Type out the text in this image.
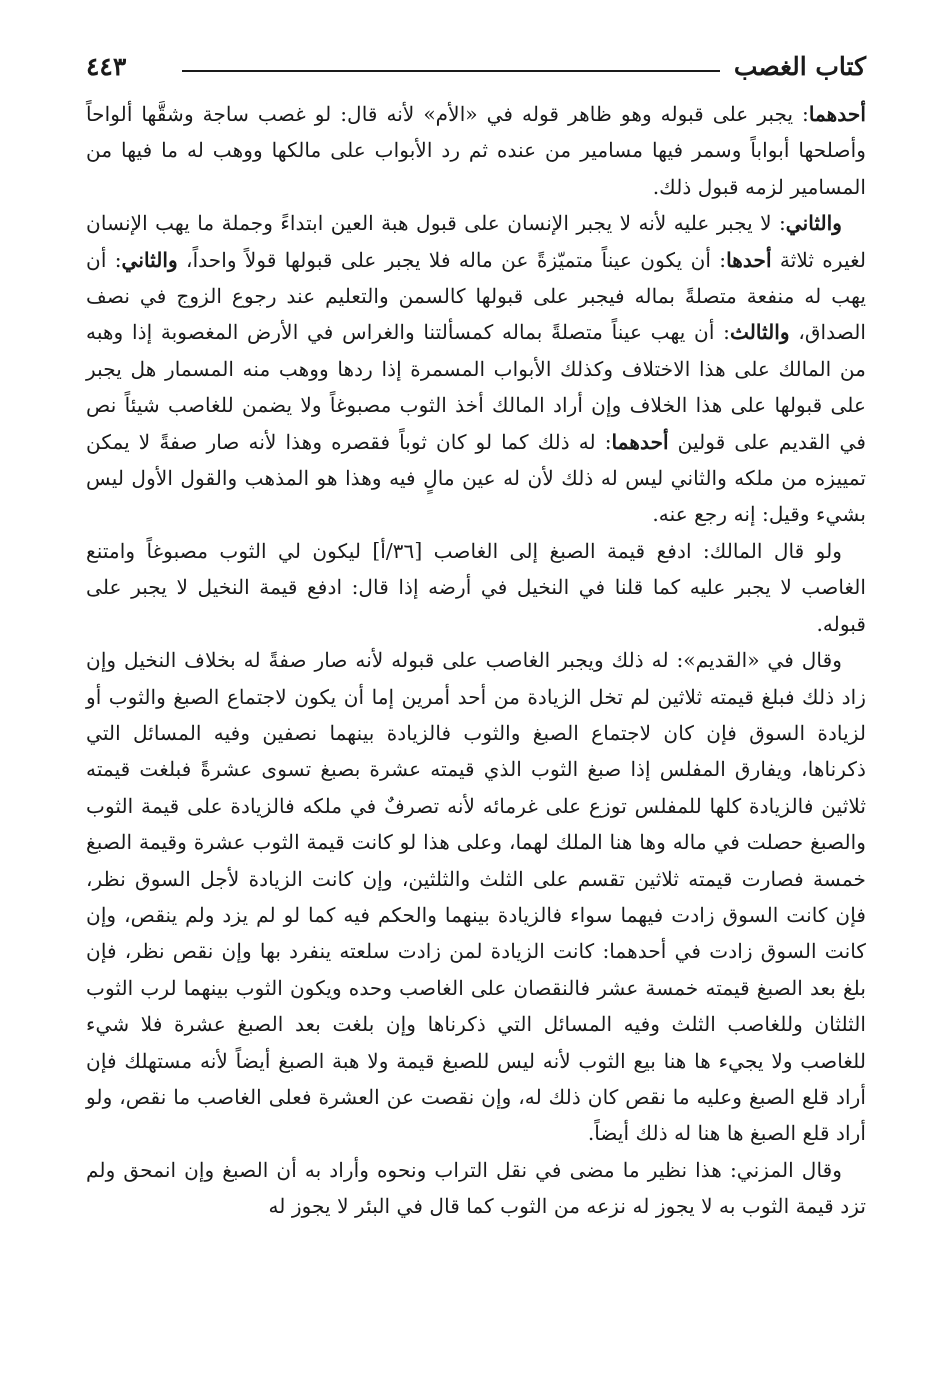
كتاب الغصب
٤٤٣

أحدهما: يجبر على قبوله وهو ظاهر قوله في «الأم» لأنه قال: لو غصب ساجة وشقَّها ألواحاً وأصلحها أبواباً وسمر فيها مسامير من عنده ثم رد الأبواب على مالكها ووهب له ما فيها من المسامير لزمه قبول ذلك.

والثاني: لا يجبر عليه لأنه لا يجبر الإنسان على قبول هبة العين ابتداءً وجملة ما يهب الإنسان لغيره ثلاثة أحدها: أن يكون عيناً متميّزةً عن ماله فلا يجبر على قبولها قولاً واحداً، والثاني: أن يهب له منفعة متصلةً بماله فيجبر على قبولها كالسمن والتعليم عند رجوع الزوج في نصف الصداق، والثالث: أن يهب عيناً متصلةً بماله كمسألتنا والغراس في الأرض المغصوبة إذا وهبه من المالك على هذا الاختلاف وكذلك الأبواب المسمرة إذا ردها ووهب منه المسمار هل يجبر على قبولها على هذا الخلاف وإن أراد المالك أخذ الثوب مصبوغاً ولا يضمن للغاصب شيئاً نص في القديم على قولين أحدهما: له ذلك كما لو كان ثوباً فقصره وهذا لأنه صار صفةً لا يمكن تمييزه من ملكه والثاني ليس له ذلك لأن له عين مالٍ فيه وهذا هو المذهب والقول الأول ليس بشيء وقيل: إنه رجع عنه.

ولو قال المالك: ادفع قيمة الصبغ إلى الغاصب [٣٦/أ] ليكون لي الثوب مصبوغاً وامتنع الغاصب لا يجبر عليه كما قلنا في النخيل في أرضه إذا قال: ادفع قيمة النخيل لا يجبر على قبوله.

وقال في «القديم»: له ذلك ويجبر الغاصب على قبوله لأنه صار صفةً له بخلاف النخيل وإن زاد ذلك فبلغ قيمته ثلاثين لم تخل الزيادة من أحد أمرين إما أن يكون لاجتماع الصبغ والثوب أو لزيادة السوق فإن كان لاجتماع الصبغ والثوب فالزيادة بينهما نصفين وفيه المسائل التي ذكرناها، ويفارق المفلس إذا صبغ الثوب الذي قيمته عشرة بصبغ تسوى عشرةً فبلغت قيمته ثلاثين فالزيادة كلها للمفلس توزع على غرمائه لأنه تصرفٌ في ملكه فالزيادة على قيمة الثوب والصبغ حصلت في ماله وها هنا الملك لهما، وعلى هذا لو كانت قيمة الثوب عشرة وقيمة الصبغ خمسة فصارت قيمته ثلاثين تقسم على الثلث والثلثين، وإن كانت الزيادة لأجل السوق نظر، فإن كانت السوق زادت فيهما سواء فالزيادة بينهما والحكم فيه كما لو لم يزد ولم ينقص، وإن كانت السوق زادت في أحدهما: كانت الزيادة لمن زادت سلعته ينفرد بها وإن نقص نظر، فإن بلغ بعد الصبغ قيمته خمسة عشر فالنقصان على الغاصب وحده ويكون الثوب بينهما لرب الثوب الثلثان وللغاصب الثلث وفيه المسائل التي ذكرناها وإن بلغت بعد الصبغ عشرة فلا شيء للغاصب ولا يجيء ها هنا بيع الثوب لأنه ليس للصبغ قيمة ولا هبة الصبغ أيضاً لأنه مستهلك فإن أراد قلع الصبغ وعليه ما نقص كان ذلك له، وإن نقصت عن العشرة فعلى الغاصب ما نقص، ولو أراد قلع الصبغ ها هنا له ذلك أيضاً.

وقال المزني: هذا نظير ما مضى في نقل التراب ونحوه وأراد به أن الصبغ وإن انمحق ولم تزد قيمة الثوب به لا يجوز له نزعه من الثوب كما قال في البئر لا يجوز له
